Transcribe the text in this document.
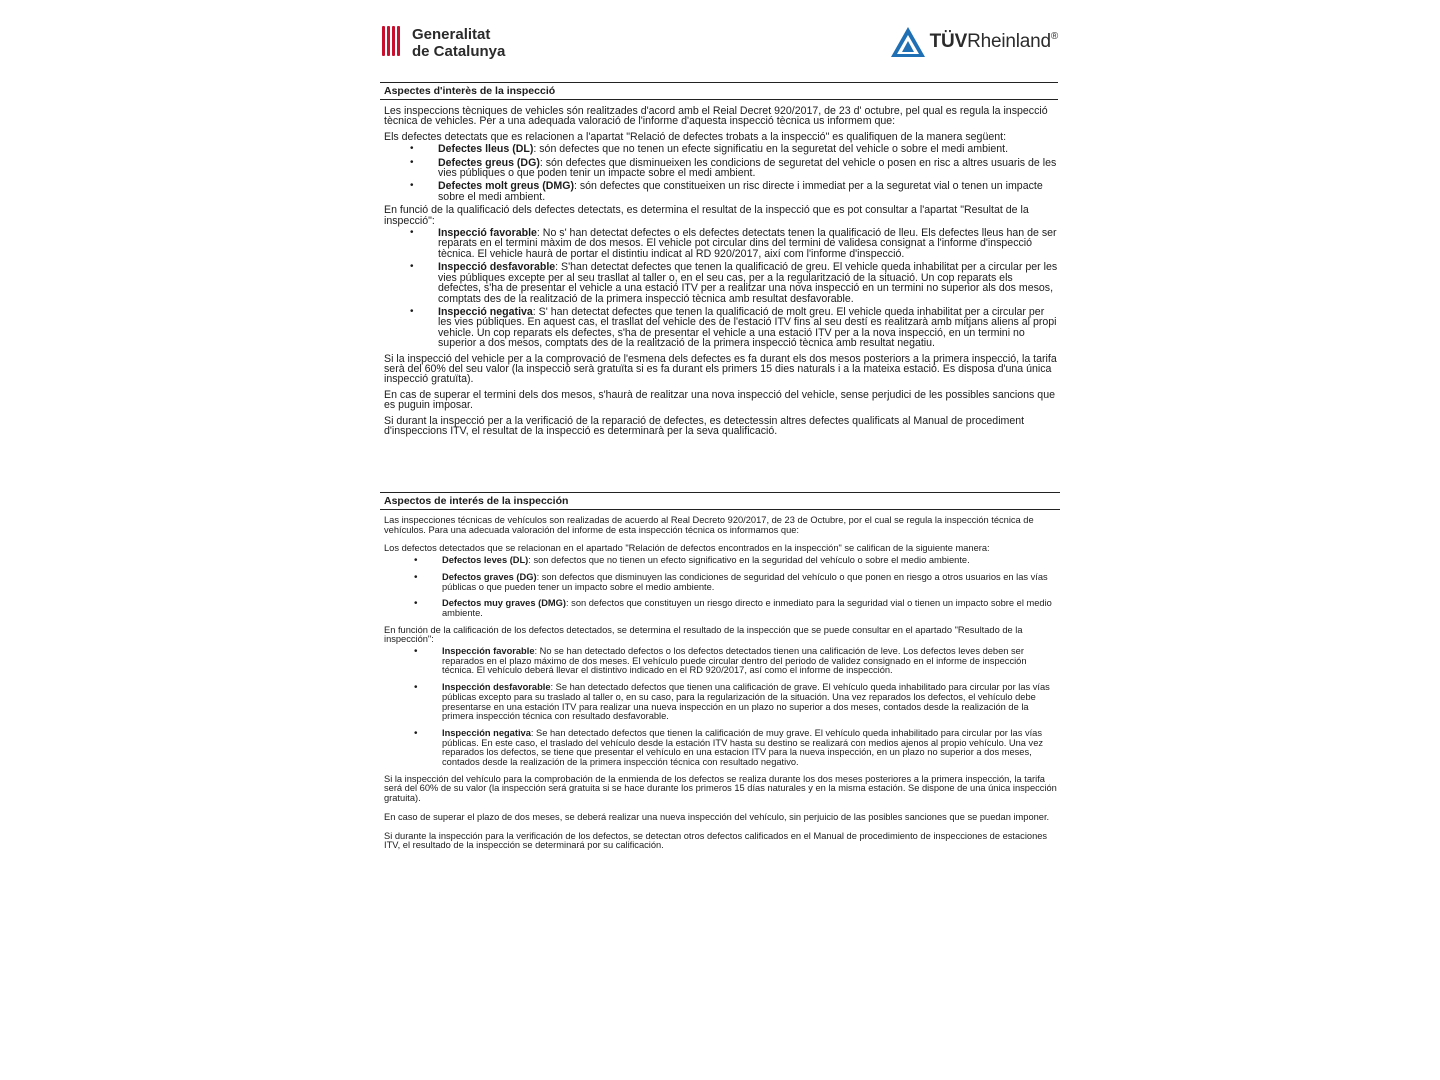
Generalitat
de Catalunya	TÜVRheinland®
Aspectes d'interès de la inspecció

Les inspeccions tècniques de vehicles són realitzades d'acord amb el Reial Decret 920/2017, de 23 d' octubre, pel qual es regula la inspecció tècnica de vehicles. Per a una adequada valoració de l'informe d'aquesta inspecció tècnica us informem que:

Els defectes detectats que es relacionen a l'apartat "Relació de defectes trobats a la inspecció" es qualifiquen de la manera següent:

• Defectes lleus (DL): són defectes que no tenen un efecte significatiu en la seguretat del vehicle o sobre el medi ambient.
• Defectes greus (DG): són defectes que disminueixen les condicions de seguretat del vehicle o posen en risc a altres usuaris de les vies públiques o que poden tenir un impacte sobre el medi ambient.
• Defectes molt greus (DMG): són defectes que constitueixen un risc directe i immediat per a la seguretat vial o tenen un impacte sobre el medi ambient.

En funció de la qualificació dels defectes detectats, es determina el resultat de la inspecció que es pot consultar a l'apartat "Resultat de la inspecció":

• Inspecció favorable: No s' han detectat defectes o els defectes detectats tenen la qualificació de lleu. Els defectes lleus han de ser reparats en el termini màxim de dos mesos. El vehicle pot circular dins del termini de validesa consignat a l'informe d'inspecció tècnica. El vehicle haurà de portar el distintiu indicat al RD 920/2017, així com l'informe d'inspecció.
• Inspecció desfavorable: S'han detectat defectes que tenen la qualificació de greu. El vehicle queda inhabilitat per a circular per les vies públiques excepte per al seu trasllat al taller o, en el seu cas, per a la regularització de la situació. Un cop reparats els defectes, s'ha de presentar el vehicle a una estació ITV per a realitzar una nova inspecció en un termini no superior als dos mesos, comptats des de la realització de la primera inspecció tècnica amb resultat desfavorable.
• Inspecció negativa: S' han detectat defectes que tenen la qualificació de molt greu. El vehicle queda inhabilitat per a circular per les vies públiques. En aquest cas, el trasllat del vehicle des de l'estació ITV fins al seu destí es realitzarà amb mitjans aliens al propi vehicle. Un cop reparats els defectes, s'ha de presentar el vehicle a una estació ITV per a la nova inspecció, en un termini no superior a dos mesos, comptats des de la realització de la primera inspecció tècnica amb resultat negatiu.

Si la inspecció del vehicle per a la comprovació de l'esmena dels defectes es fa durant els dos mesos posteriors a la primera inspecció, la tarifa serà del 60% del seu valor (la inspecció serà gratuïta si es fa durant els primers 15 dies naturals i a la mateixa estació. Es disposa d'una única inspecció gratuïta).

En cas de superar el termini dels dos mesos, s'haurà de realitzar una nova inspecció del vehicle, sense perjudici de les possibles sancions que es puguin imposar.

Si durant la inspecció per a la verificació de la reparació de defectes, es detectessin altres defectes qualificats al Manual de procediment d'inspeccions ITV, el resultat de la inspecció es determinarà per la seva qualificació.

Aspectos de interés de la inspección

Las inspecciones técnicas de vehículos son realizadas de acuerdo al Real Decreto 920/2017, de 23 de Octubre, por el cual se regula la inspección técnica de vehículos. Para una adecuada valoración del informe de esta inspección técnica os informamos que:

Los defectos detectados que se relacionan en el apartado "Relación de defectos encontrados en la inspección" se califican de la siguiente manera:

• Defectos leves (DL): son defectos que no tienen un efecto significativo en la seguridad del vehículo o sobre el medio ambiente.
• Defectos graves (DG): son defectos que disminuyen las condiciones de seguridad del vehículo o que ponen en riesgo a otros usuarios en las vías públicas o que pueden tener un impacto sobre el medio ambiente.
• Defectos muy graves (DMG): son defectos que constituyen un riesgo directo e inmediato para la seguridad vial o tienen un impacto sobre el medio ambiente.

En función de la calificación de los defectos detectados, se determina el resultado de la inspección que se puede consultar en el apartado "Resultado de la inspección":

• Inspección favorable: No se han detectado defectos o los defectos detectados tienen una calificación de leve. Los defectos leves deben ser reparados en el plazo máximo de dos meses. El vehículo puede circular dentro del periodo de validez consignado en el informe de inspección técnica. El vehículo deberá llevar el distintivo indicado en el RD 920/2017, así como el informe de inspección.
• Inspección desfavorable: Se han detectado defectos que tienen una calificación de grave. El vehículo queda inhabilitado para circular por las vías públicas excepto para su traslado al taller o, en su caso, para la regularización de la situación. Una vez reparados los defectos, el vehículo debe presentarse en una estación ITV para realizar una nueva inspección en un plazo no superior a dos meses, contados desde la realización de la primera inspección técnica con resultado desfavorable.
• Inspección negativa: Se han detectado defectos que tienen la calificación de muy grave. El vehículo queda inhabilitado para circular por las vías públicas. En este caso, el traslado del vehículo desde la estación ITV hasta su destino se realizará con medios ajenos al propio vehículo. Una vez reparados los defectos, se tiene que presentar el vehículo en una estacion ITV para la nueva inspección, en un plazo no superior a dos meses, contados desde la realización de la primera inspección técnica con resultado negativo.

Si la inspección del vehículo para la comprobación de la enmienda de los defectos se realiza durante los dos meses posteriores a la primera inspección, la tarifa será del 60% de su valor (la inspección será gratuita si se hace durante los primeros 15 días naturales y en la misma estación. Se dispone de una única inspección gratuita).

En caso de superar el plazo de dos meses, se deberá realizar una nueva inspección del vehículo, sin perjuicio de las posibles sanciones que se puedan imponer.

Si durante la inspección para la verificación de los defectos, se detectan otros defectos calificados en el Manual de procedimiento de inspecciones de estaciones ITV, el resultado de la inspección se determinará por su calificación.
